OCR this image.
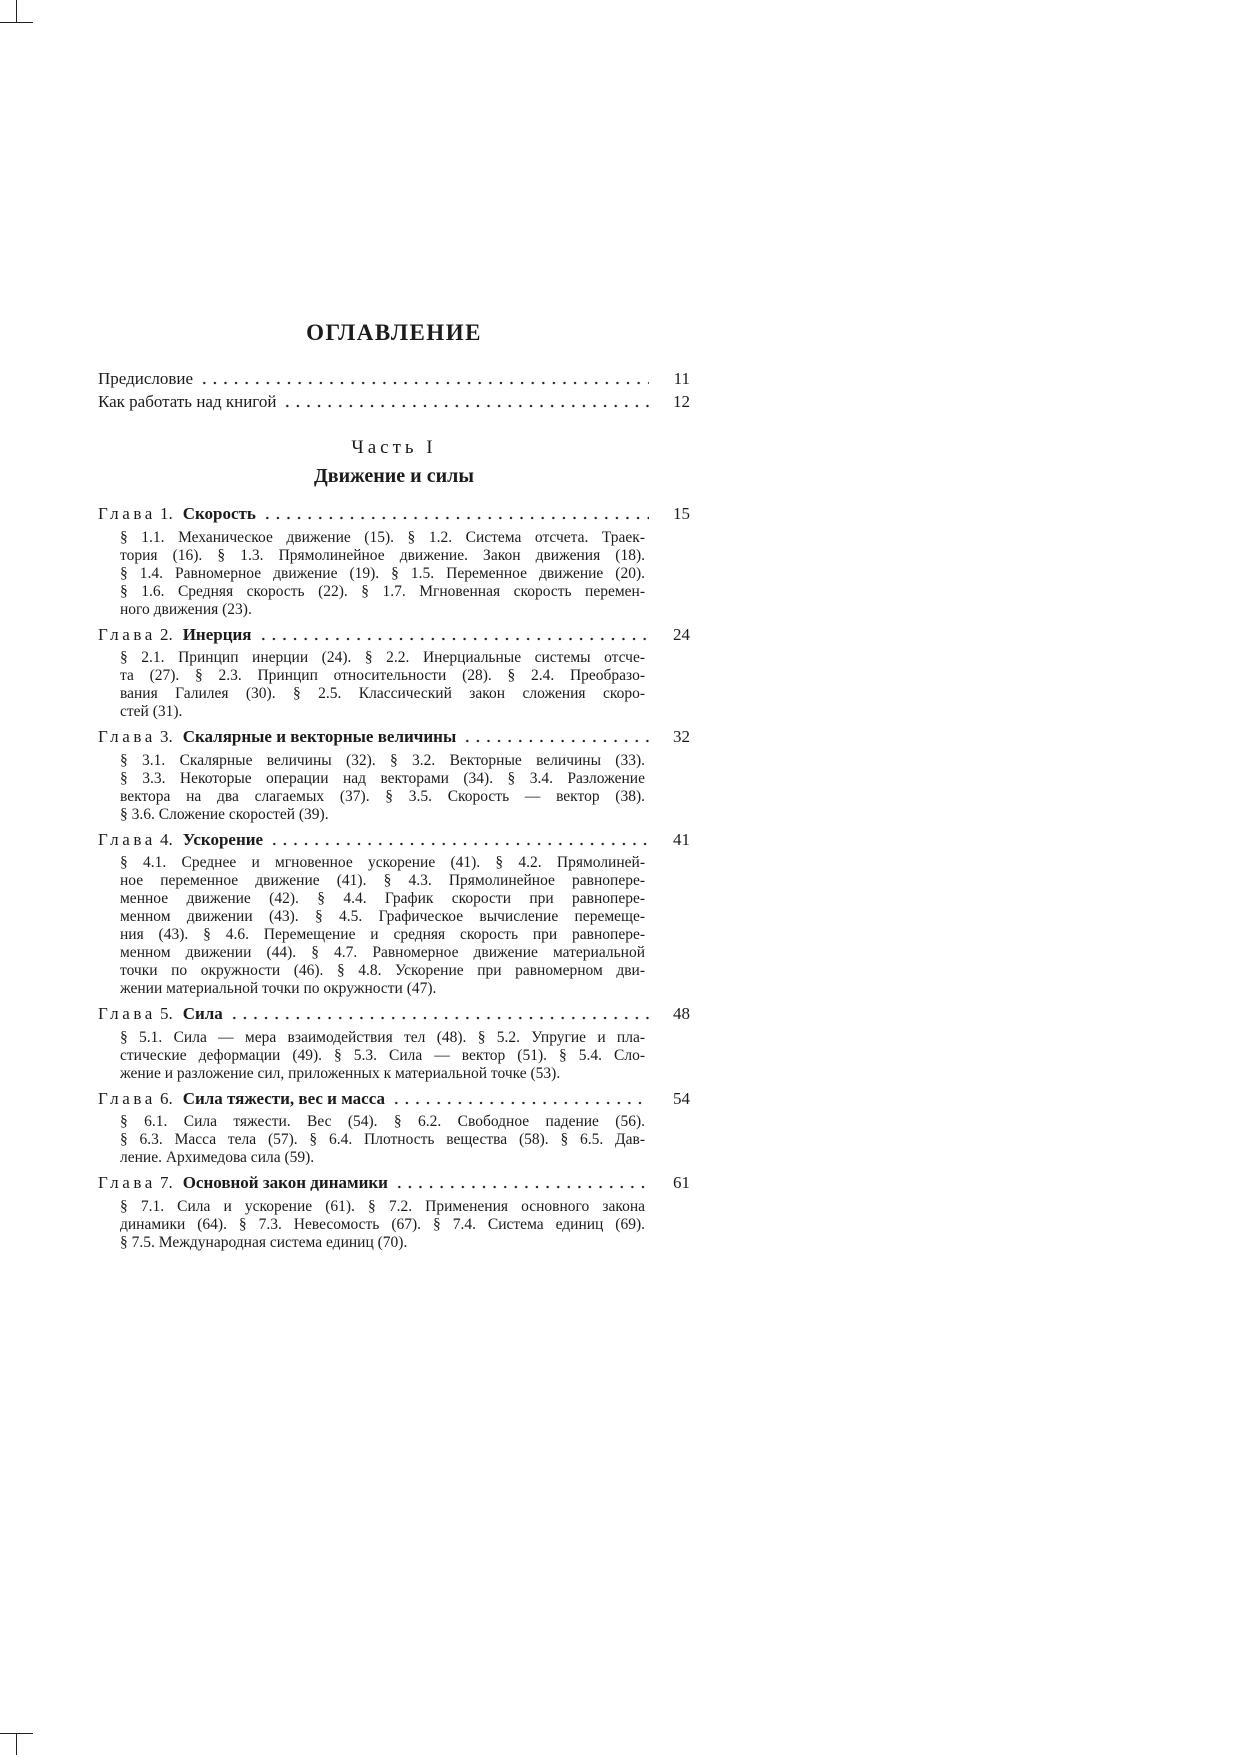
ОГЛАВЛЕНИЕ
Предисловие	11
Как работать над книгой	12
Часть I
Движение и силы
Глава 1. Скорость	15
§ 1.1. Механическое движение (15). § 1.2. Система отсчета. Траек-
тория (16). § 1.3. Прямолинейное движение. Закон движения (18).
§ 1.4. Равномерное движение (19). § 1.5. Переменное движение (20).
§ 1.6. Средняя скорость (22). § 1.7. Мгновенная скорость перемен-
ного движения (23).
Глава 2. Инерция	24
§ 2.1. Принцип инерции (24). § 2.2. Инерциальные системы отсче-
та (27). § 2.3. Принцип относительности (28). § 2.4. Преобразо-
вания Галилея (30). § 2.5. Классический закон сложения скоро-
стей (31).
Глава 3. Скалярные и векторные величины	32
§ 3.1. Скалярные величины (32). § 3.2. Векторные величины (33).
§ 3.3. Некоторые операции над векторами (34). § 3.4. Разложение
вектора на два слагаемых (37). § 3.5. Скорость — вектор (38).
§ 3.6. Сложение скоростей (39).
Глава 4. Ускорение	41
§ 4.1. Среднее и мгновенное ускорение (41). § 4.2. Прямолиней-
ное переменное движение (41). § 4.3. Прямолинейное равнопере-
менное движение (42). § 4.4. График скорости при равнопере-
менном движении (43). § 4.5. Графическое вычисление перемеще-
ния (43). § 4.6. Перемещение и средняя скорость при равнопере-
менном движении (44). § 4.7. Равномерное движение материальной
точки по окружности (46). § 4.8. Ускорение при равномерном дви-
жении материальной точки по окружности (47).
Глава 5. Сила	48
§ 5.1. Сила — мера взаимодействия тел (48). § 5.2. Упругие и пла-
стические деформации (49). § 5.3. Сила — вектор (51). § 5.4. Сло-
жение и разложение сил, приложенных к материальной точке (53).
Глава 6. Сила тяжести, вес и масса	54
§ 6.1. Сила тяжести. Вес (54). § 6.2. Свободное падение (56).
§ 6.3. Масса тела (57). § 6.4. Плотность вещества (58). § 6.5. Дав-
ление. Архимедова сила (59).
Глава 7. Основной закон динамики	61
§ 7.1. Сила и ускорение (61). § 7.2. Применения основного закона
динамики (64). § 7.3. Невесомость (67). § 7.4. Система единиц (69).
§ 7.5. Международная система единиц (70).
